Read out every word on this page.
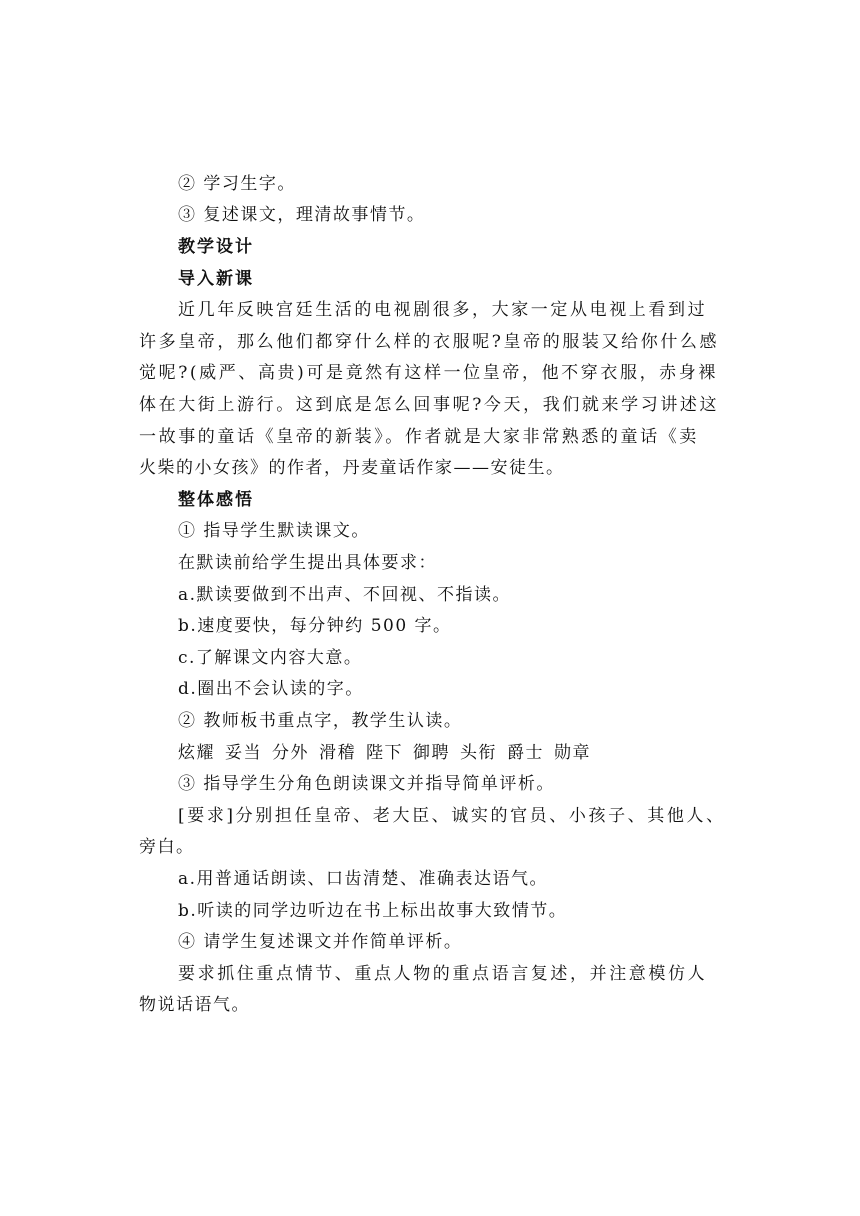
② 学习生字。
③ 复述课文，理清故事情节。
教学设计
导入新课
近几年反映宫廷生活的电视剧很多，大家一定从电视上看到过
许多皇帝，那么他们都穿什么样的衣服呢?皇帝的服装又给你什么感
觉呢?(威严、高贵)可是竟然有这样一位皇帝，他不穿衣服，赤身裸
体在大街上游行。这到底是怎么回事呢?今天，我们就来学习讲述这
一故事的童话《皇帝的新装》。作者就是大家非常熟悉的童话《卖
火柴的小女孩》的作者，丹麦童话作家——安徒生。
整体感悟
① 指导学生默读课文。
在默读前给学生提出具体要求：
a.默读要做到不出声、不回视、不指读。
b.速度要快，每分钟约 500 字。
c.了解课文内容大意。
d.圈出不会认读的字。
② 教师板书重点字，教学生认读。
炫耀 妥当 分外 滑稽 陛下 御聘 头衔 爵士 勋章
③ 指导学生分角色朗读课文并指导简单评析。
[要求]分别担任皇帝、老大臣、诚实的官员、小孩子、其他人、
旁白。
a.用普通话朗读、口齿清楚、准确表达语气。
b.听读的同学边听边在书上标出故事大致情节。
④ 请学生复述课文并作简单评析。
要求抓住重点情节、重点人物的重点语言复述，并注意模仿人
物说话语气。
